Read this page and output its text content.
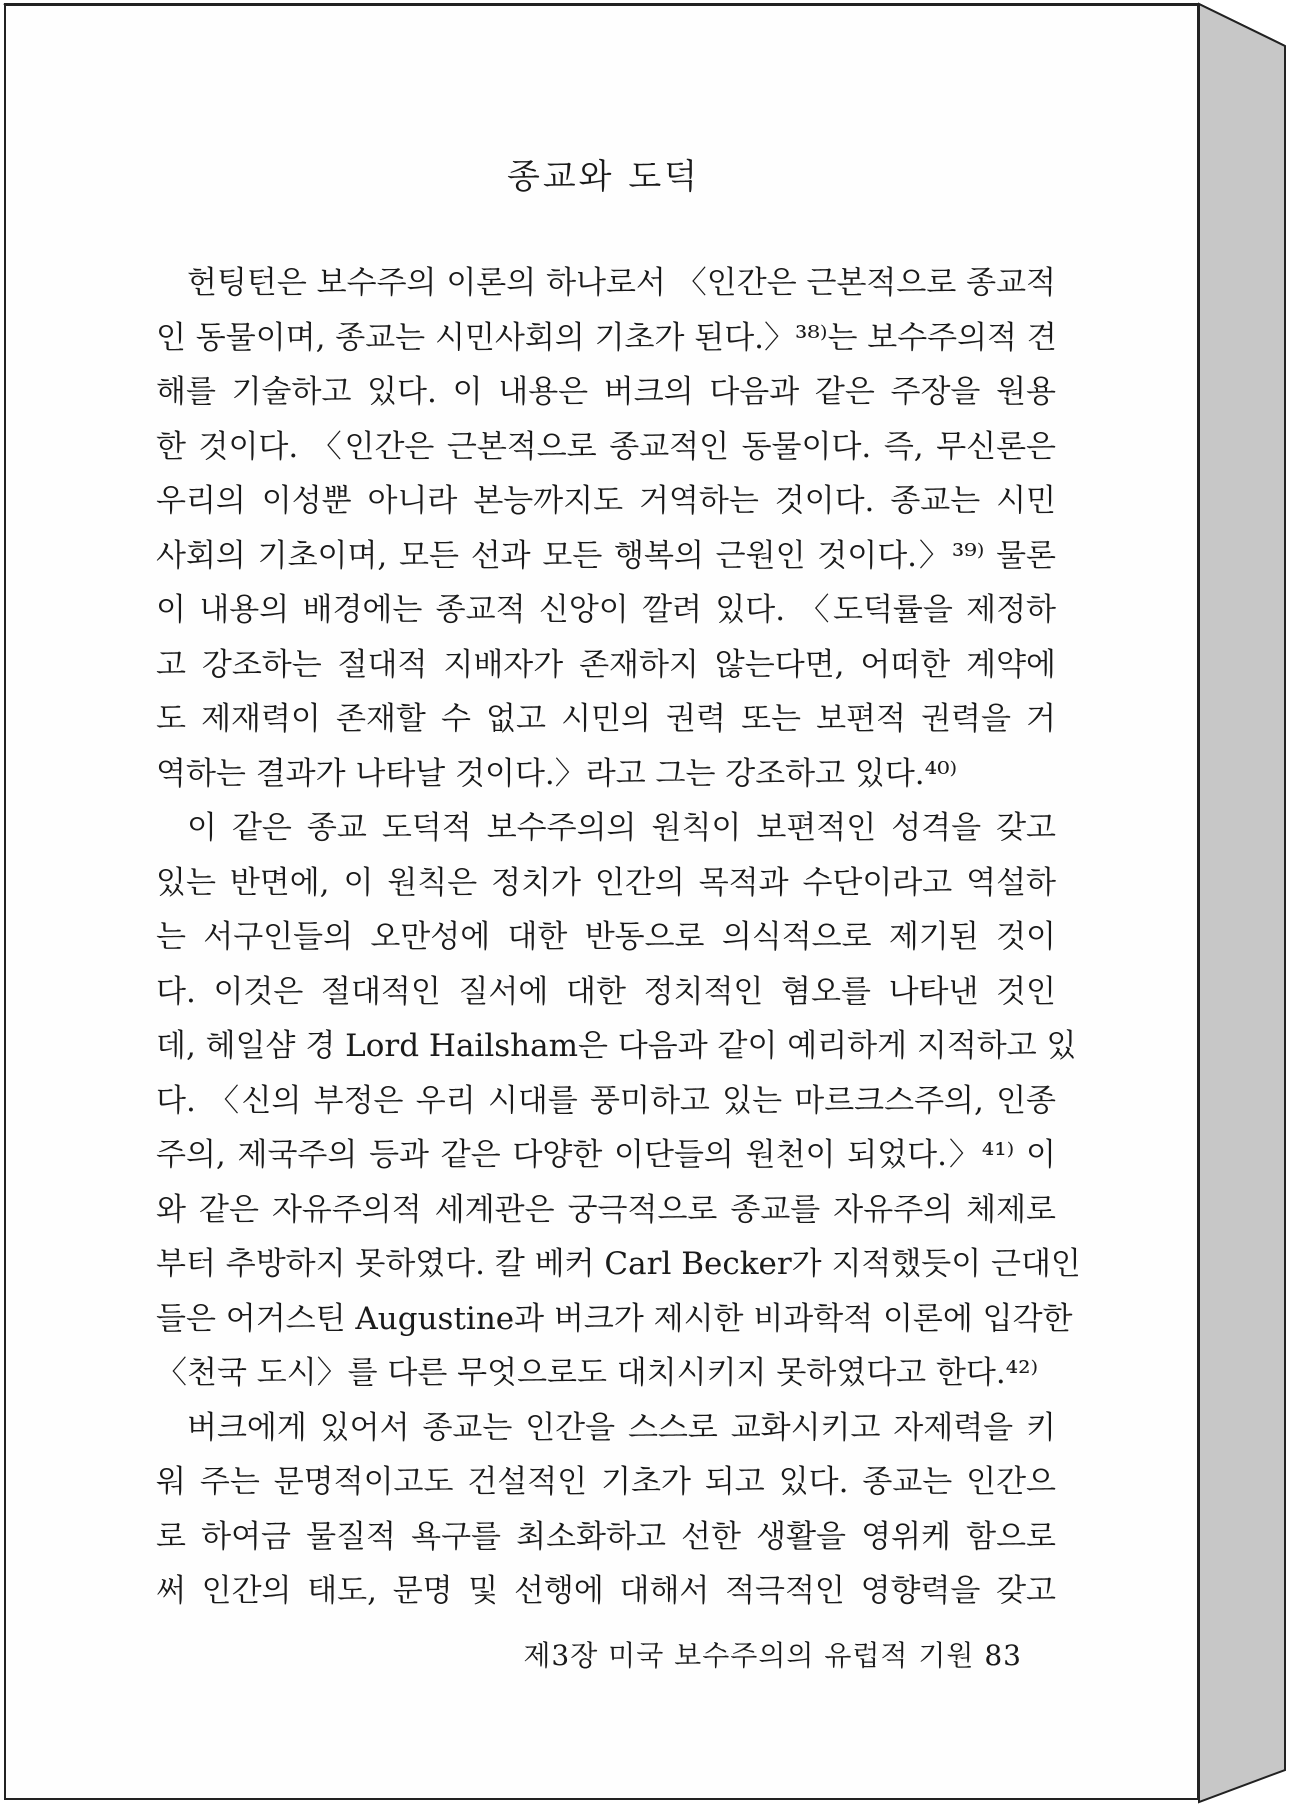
종교와 도덕
헌팅턴은 보수주의 이론의 하나로서 〈인간은 근본적으로 종교적
인 동물이며, 종교는 시민사회의 기초가 된다.〉³⁸⁾는 보수주의적 견
해를 기술하고 있다. 이 내용은 버크의 다음과 같은 주장을 원용
한 것이다. 〈인간은 근본적으로 종교적인 동물이다. 즉, 무신론은
우리의 이성뿐 아니라 본능까지도 거역하는 것이다. 종교는 시민
사회의 기초이며, 모든 선과 모든 행복의 근원인 것이다.〉³⁹⁾ 물론
이 내용의 배경에는 종교적 신앙이 깔려 있다. 〈도덕률을 제정하
고 강조하는 절대적 지배자가 존재하지 않는다면, 어떠한 계약에
도 제재력이 존재할 수 없고 시민의 권력 또는 보편적 권력을 거
역하는 결과가 나타날 것이다.〉라고 그는 강조하고 있다.⁴⁰⁾
이 같은 종교 도덕적 보수주의의 원칙이 보편적인 성격을 갖고
있는 반면에, 이 원칙은 정치가 인간의 목적과 수단이라고 역설하
는 서구인들의 오만성에 대한 반동으로 의식적으로 제기된 것이
다. 이것은 절대적인 질서에 대한 정치적인 혐오를 나타낸 것인
데, 헤일샴 경 Lord Hailsham은 다음과 같이 예리하게 지적하고 있
다. 〈신의 부정은 우리 시대를 풍미하고 있는 마르크스주의, 인종
주의, 제국주의 등과 같은 다양한 이단들의 원천이 되었다.〉⁴¹⁾ 이
와 같은 자유주의적 세계관은 궁극적으로 종교를 자유주의 체제로
부터 추방하지 못하였다. 칼 베커 Carl Becker가 지적했듯이 근대인
들은 어거스틴 Augustine과 버크가 제시한 비과학적 이론에 입각한
〈천국 도시〉를 다른 무엇으로도 대치시키지 못하였다고 한다.⁴²⁾
버크에게 있어서 종교는 인간을 스스로 교화시키고 자제력을 키
워 주는 문명적이고도 건설적인 기초가 되고 있다. 종교는 인간으
로 하여금 물질적 욕구를 최소화하고 선한 생활을 영위케 함으로
써 인간의 태도, 문명 및 선행에 대해서 적극적인 영향력을 갖고
제3장 미국 보수주의의 유럽적 기원 83
